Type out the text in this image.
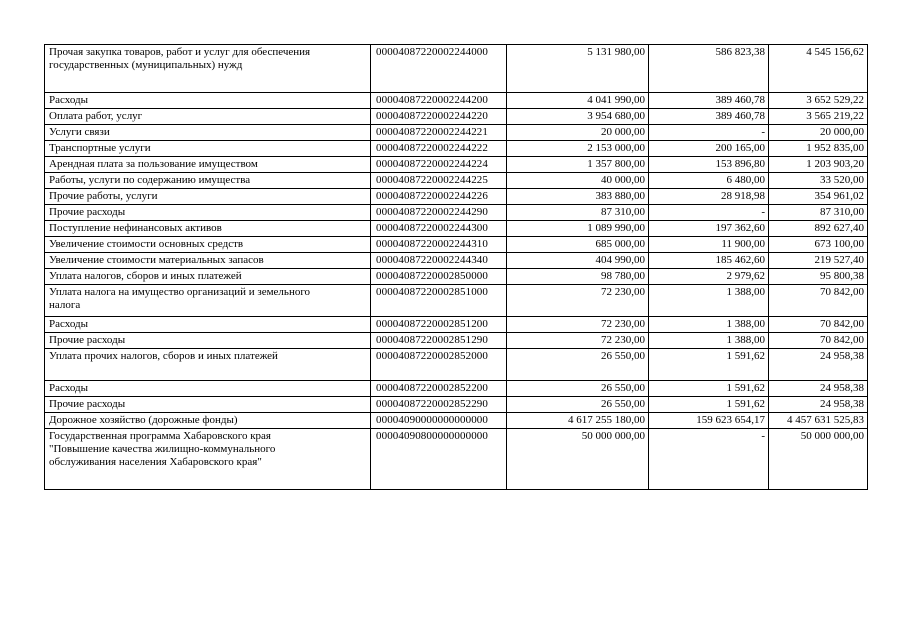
Прочая закупка товаров, работ и услуг для обеспечения государственных (муниципальных) нужд		00004087220002244000	5 131 980,00	586 823,38	4 545 156,62
Расходы		00004087220002244200	4 041 990,00	389 460,78	3 652 529,22
Оплата работ, услуг		00004087220002244220	3 954 680,00	389 460,78	3 565 219,22
Услуги связи		00004087220002244221	20 000,00	-	20 000,00
Транспортные услуги		00004087220002244222	2 153 000,00	200 165,00	1 952 835,00
Арендная плата за пользование имуществом		00004087220002244224	1 357 800,00	153 896,80	1 203 903,20
Работы, услуги по содержанию имущества		00004087220002244225	40 000,00	6 480,00	33 520,00
Прочие работы, услуги		00004087220002244226	383 880,00	28 918,98	354 961,02
Прочие расходы		00004087220002244290	87 310,00	-	87 310,00
Поступление нефинансовых активов		00004087220002244300	1 089 990,00	197 362,60	892 627,40
Увеличение стоимости основных средств		00004087220002244310	685 000,00	11 900,00	673 100,00
Увеличение стоимости материальных запасов		00004087220002244340	404 990,00	185 462,60	219 527,40
Уплата налогов, сборов и иных платежей		00004087220002850000	98 780,00	2 979,62	95 800,38
Уплата налога на имущество организаций и земельного налога		00004087220002851000	72 230,00	1 388,00	70 842,00
Расходы		00004087220002851200	72 230,00	1 388,00	70 842,00
Прочие расходы		00004087220002851290	72 230,00	1 388,00	70 842,00
Уплата прочих налогов, сборов и иных платежей		00004087220002852000	26 550,00	1 591,62	24 958,38
Расходы		00004087220002852200	26 550,00	1 591,62	24 958,38
Прочие расходы		00004087220002852290	26 550,00	1 591,62	24 958,38
Дорожное хозяйство (дорожные фонды)		00004090000000000000	4 617 255 180,00	159 623 654,17	4 457 631 525,83
Государственная программа Хабаровского края "Повышение качества жилищно-коммунального обслуживания населения Хабаровского края"		00004090800000000000	50 000 000,00	-	50 000 000,00
